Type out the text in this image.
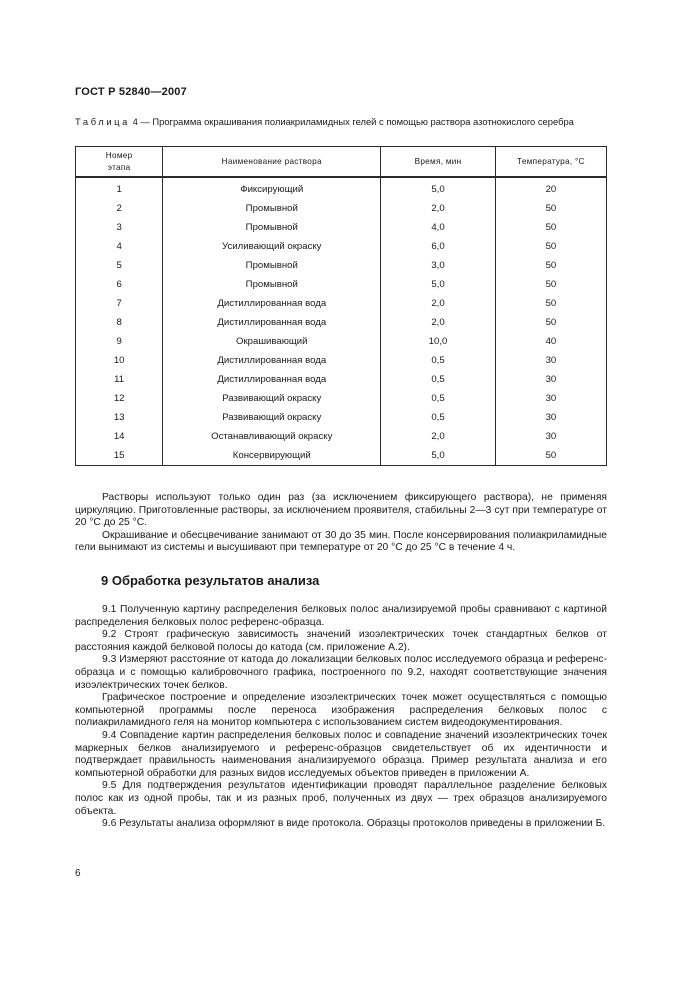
ГОСТ Р 52840—2007
Таблица 4 — Программа окрашивания полиакриламидных гелей с помощью раствора азотнокислого серебра
Номер этапа	Наименование раствора	Время, мин	Температура, °С
1	Фиксирующий	5,0	20
2	Промывной	2,0	50
3	Промывной	4,0	50
4	Усиливающий окраску	6,0	50
5	Промывной	3,0	50
6	Промывной	5,0	50
7	Дистиллированная вода	2,0	50
8	Дистиллированная вода	2,0	50
9	Окрашивающий	10,0	40
10	Дистиллированная вода	0,5	30
11	Дистиллированная вода	0,5	30
12	Развивающий окраску	0,5	30
13	Развивающий окраску	0,5	30
14	Останавливающий окраску	2,0	30
15	Консервирующий	5,0	50

Растворы используют только один раз (за исключением фиксирующего раствора), не применяя циркуляцию. Приготовленные растворы, за исключением проявителя, стабильны 2—3 сут при температуре от 20 °С до 25 °С.

Окрашивание и обесцвечивание занимают от 30 до 35 мин. После консервирования полиакриламидные гели вынимают из системы и высушивают при температуре от 20 °С до 25 °С в течение 4 ч.

9 Обработка результатов анализа

9.1 Полученную картину распределения белковых полос анализируемой пробы сравнивают с картиной распределения белковых полос референс-образца.

9.2 Строят графическую зависимость значений изоэлектрических точек стандартных белков от расстояния каждой белковой полосы до катода (см. приложение А.2).

9.3 Измеряют расстояние от катода до локализации белковых полос исследуемого образца и референс-образца и с помощью калибровочного графика, построенного по 9.2, находят соответствующие значения изоэлектрических точек белков.

Графическое построение и определение изоэлектрических точек может осуществляться с помощью компьютерной программы после переноса изображения распределения белковых полос с полиакриламидного геля на монитор компьютера с использованием систем видеодокументирования.

9.4 Совпадение картин распределения белковых полос и совпадение значений изоэлектрических точек маркерных белков анализируемого и референс-образцов свидетельствует об их идентичности и подтверждает правильность наименования анализируемого образца. Пример результата анализа и его компьютерной обработки для разных видов исследуемых объектов приведен в приложении А.

9.5 Для подтверждения результатов идентификации проводят параллельное разделение белковых полос как из одной пробы, так и из разных проб, полученных из двух — трех образцов анализируемого объекта.

9.6 Результаты анализа оформляют в виде протокола. Образцы протоколов приведены в приложении Б.

6
